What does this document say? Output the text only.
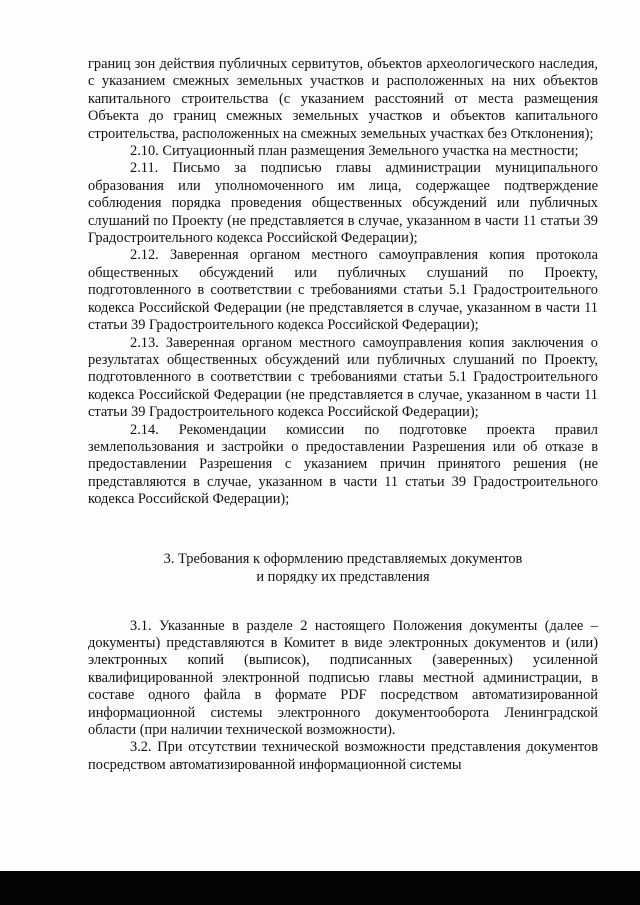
границ зон действия публичных сервитутов, объектов археологического наследия, с указанием смежных земельных участков и расположенных на них объектов капитального строительства (с указанием расстояний от места размещения Объекта до границ смежных земельных участков и объектов капитального строительства, расположенных на смежных земельных участках без Отклонения);

2.10. Ситуационный план размещения Земельного участка на местности;

2.11. Письмо за подписью главы администрации муниципального образования или уполномоченного им лица, содержащее подтверждение соблюдения порядка проведения общественных обсуждений или публичных слушаний по Проекту (не представляется в случае, указанном в части 11 статьи 39 Градостроительного кодекса Российской Федерации);

2.12. Заверенная органом местного самоуправления копия протокола общественных обсуждений или публичных слушаний по Проекту, подготовленного в соответствии с требованиями статьи 5.1 Градостроительного кодекса Российской Федерации (не представляется в случае, указанном в части 11 статьи 39 Градостроительного кодекса Российской Федерации);

2.13. Заверенная органом местного самоуправления копия заключения о результатах общественных обсуждений или публичных слушаний по Проекту, подготовленного в соответствии с требованиями статьи 5.1 Градостроительного кодекса Российской Федерации (не представляется в случае, указанном в части 11 статьи 39 Градостроительного кодекса Российской Федерации);

2.14. Рекомендации комиссии по подготовке проекта правил землепользования и застройки о предоставлении Разрешения или об отказе в предоставлении Разрешения с указанием причин принятого решения (не представляются в случае, указанном в части 11 статьи 39 Градостроительного кодекса Российской Федерации);

3. Требования к оформлению представляемых документов
и порядку их представления

3.1. Указанные в разделе 2 настоящего Положения документы (далее – документы) представляются в Комитет в виде электронных документов и (или) электронных копий (выписок), подписанных (заверенных) усиленной квалифицированной электронной подписью главы местной администрации, в составе одного файла в формате PDF посредством автоматизированной информационной системы электронного документооборота Ленинградской области (при наличии технической возможности).

3.2. При отсутствии технической возможности представления документов посредством автоматизированной информационной системы
